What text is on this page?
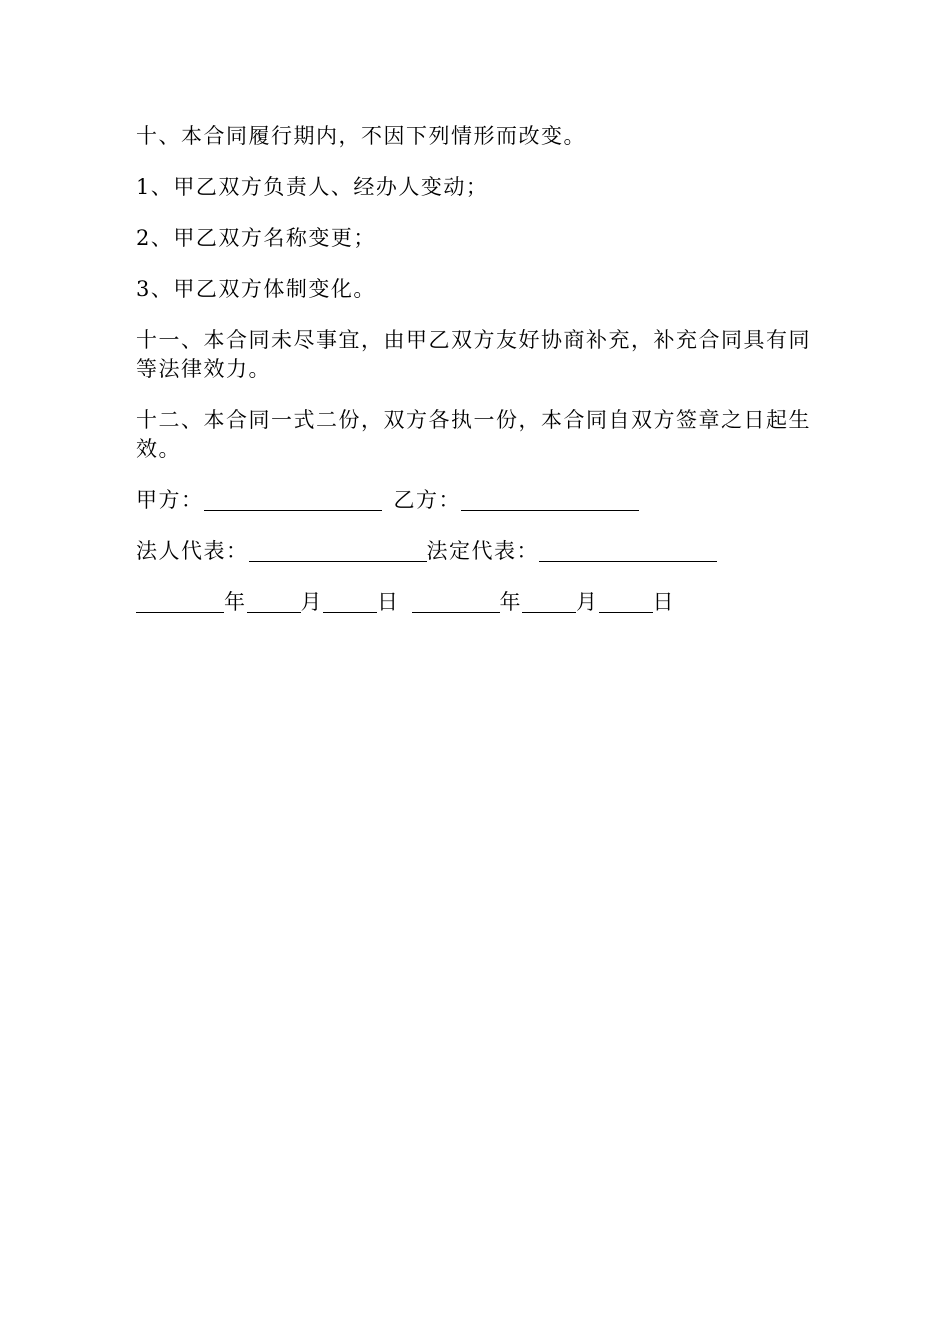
十、本合同履行期内，不因下列情形而改变。

1、甲乙双方负责人、经办人变动；

2、甲乙双方名称变更；

3、甲乙双方体制变化。

十一、本合同未尽事宜，由甲乙双方友好协商补充，补充合同具有同等法律效力。

十二、本合同一式二份，双方各执一份，本合同自双方签章之日起生效。

甲方：	乙方：
法人代表：	法定代表：
年	月	日	年	月	日
